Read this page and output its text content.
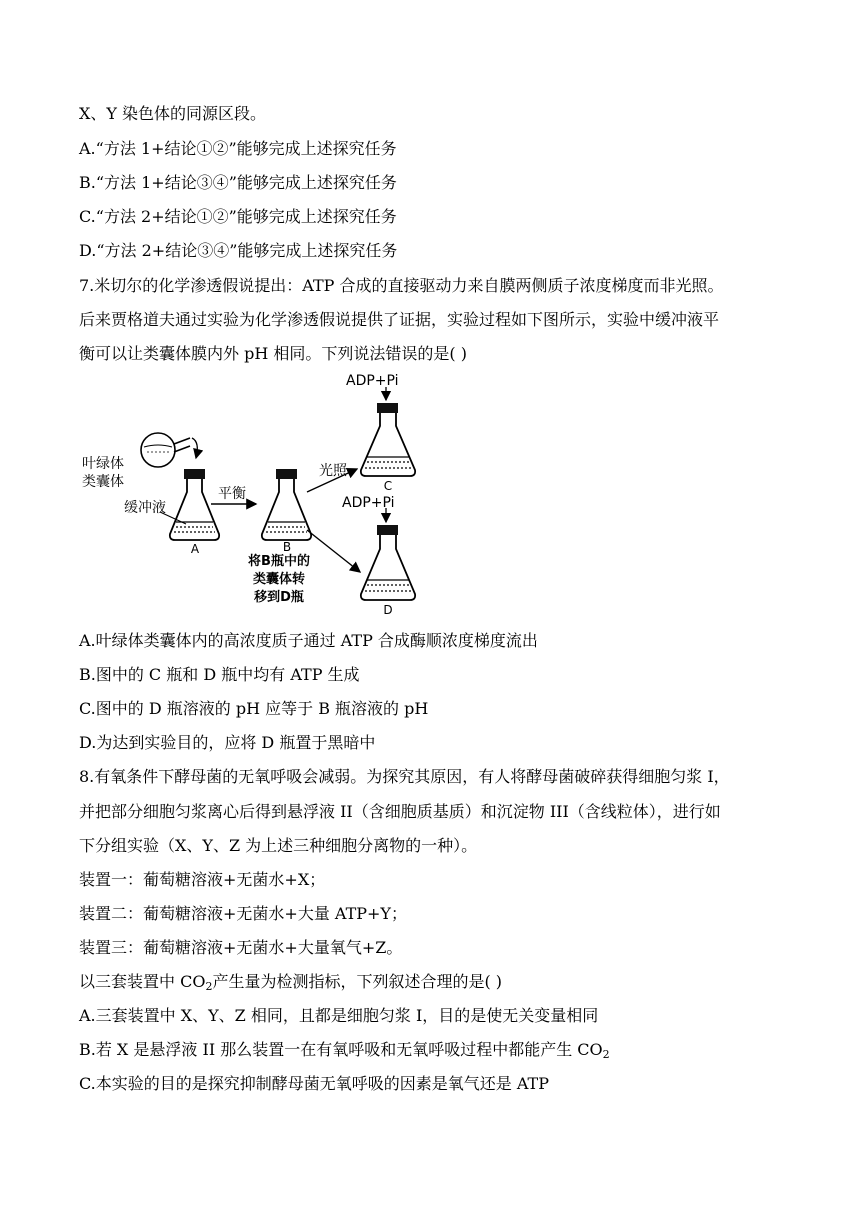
X、Y 染色体的同源区段。
A.“方法 1+结论①②”能够完成上述探究任务
B.“方法 1+结论③④”能够完成上述探究任务
C.“方法 2+结论①②”能够完成上述探究任务
D.“方法 2+结论③④”能够完成上述探究任务
7.米切尔的化学渗透假说提出：ATP 合成的直接驱动力来自膜两侧质子浓度梯度而非光照。
后来贾格道夫通过实验为化学渗透假说提供了证据，实验过程如下图所示，实验中缓冲液平
衡可以让类囊体膜内外 pH 相同。下列说法错误的是( )
叶绿体
类囊体
缓冲液
平衡
光照
ADP+Pi
ADP+Pi
将B瓶中的
类囊体转
移到D瓶
A	B
C
D
A.叶绿体类囊体内的高浓度质子通过 ATP 合成酶顺浓度梯度流出
B.图中的 C 瓶和 D 瓶中均有 ATP 生成
C.图中的 D 瓶溶液的 pH 应等于 B 瓶溶液的 pH
D.为达到实验目的，应将 D 瓶置于黑暗中
8.有氧条件下酵母菌的无氧呼吸会减弱。为探究其原因，有人将酵母菌破碎获得细胞匀浆 I，
并把部分细胞匀浆离心后得到悬浮液 II（含细胞质基质）和沉淀物 III（含线粒体），进行如
下分组实验（X、Y、Z 为上述三种细胞分离物的一种）。
装置一：葡萄糖溶液+无菌水+X；
装置二：葡萄糖溶液+无菌水+大量 ATP+Y；
装置三：葡萄糖溶液+无菌水+大量氧气+Z。
以三套装置中 $CO_2$产生量为检测指标，下列叙述合理的是( )
A.三套装置中 X、Y、Z 相同，且都是细胞匀浆 I，目的是使无关变量相同
B.若 X 是悬浮液 II 那么装置一在有氧呼吸和无氧呼吸过程中都能产生 $CO_2$
C.本实验的目的是探究抑制酵母菌无氧呼吸的因素是氧气还是 ATP
